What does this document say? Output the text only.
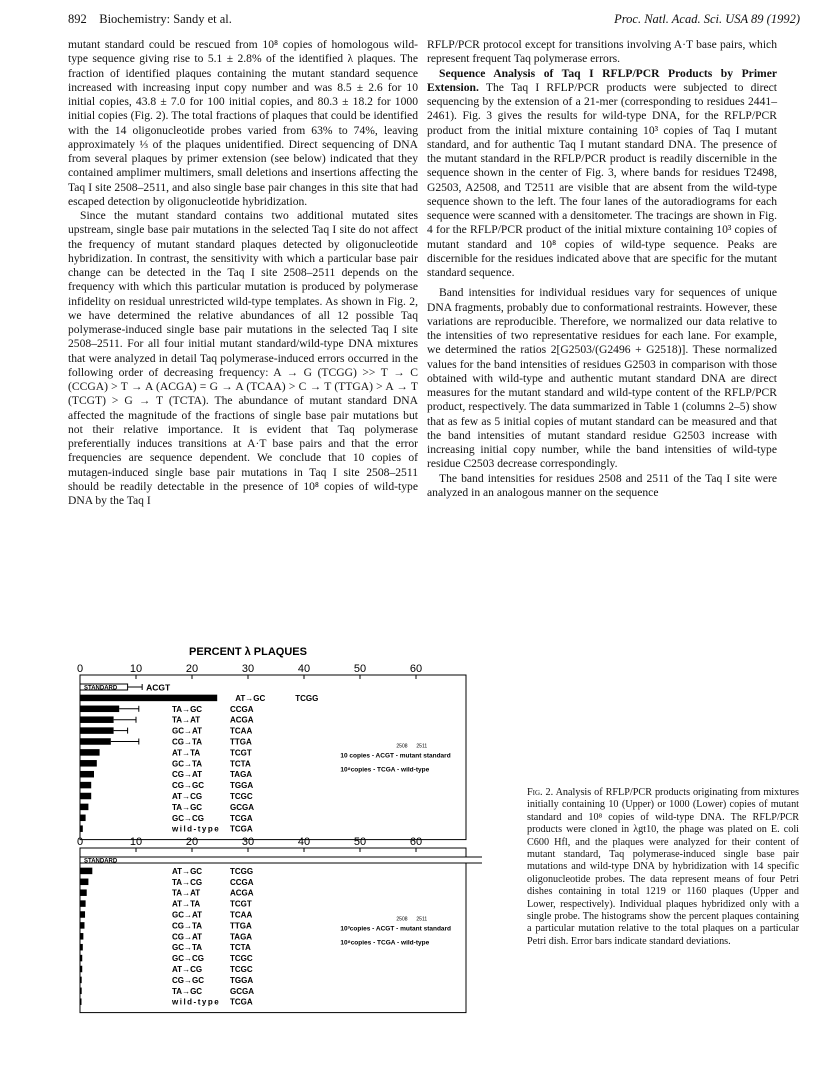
892 Biochemistry: Sandy et al.	Proc. Natl. Acad. Sci. USA 89 (1992)

mutant standard could be rescued from 10⁸ copies of homologous wild-type sequence giving rise to 5.1 ± 2.8% of the identified λ plaques. The fraction of identified plaques containing the mutant standard sequence increased with increasing input copy number and was 8.5 ± 2.6 for 10 initial copies, 43.8 ± 7.0 for 100 initial copies, and 80.3 ± 18.2 for 1000 initial copies (Fig. 2). The total fractions of plaques that could be identified with the 14 oligonucleotide probes varied from 63% to 74%, leaving approximately ⅓ of the plaques unidentified. Direct sequencing of DNA from several plaques by primer extension (see below) indicated that they contained amplimer multimers, small deletions and insertions affecting the Taq I site 2508–2511, and also single base pair changes in this site that had escaped detection by oligonucleotide hybridization.

Since the mutant standard contains two additional mutated sites upstream, single base pair mutations in the selected Taq I site do not affect the frequency of mutant standard plaques detected by oligonucleotide hybridization. In contrast, the sensitivity with which a particular base pair change can be detected in the Taq I site 2508–2511 depends on the frequency with which this particular mutation is produced by polymerase infidelity on residual unrestricted wild-type templates. As shown in Fig. 2, we have determined the relative abundances of all 12 possible Taq polymerase-induced single base pair mutations in the selected Taq I site 2508–2511. For all four initial mutant standard/wild-type DNA mixtures that were analyzed in detail Taq polymerase-induced errors occurred in the following order of decreasing frequency: A → G (TCGG) >> T → C (CCGA) > T → A (ACGA) = G → A (TCAA) > C → T (TTGA) > A → T (TCGT) > G → T (TCTA). The abundance of mutant standard DNA affected the magnitude of the fractions of single base pair mutations but not their relative importance. It is evident that Taq polymerase preferentially induces transitions at A·T base pairs and that the error frequencies are sequence dependent. We conclude that 10 copies of mutagen-induced single base pair mutations in Taq I site 2508–2511 should be readily detectable in the presence of 10⁸ copies of wild-type DNA by the Taq I

RFLP/PCR protocol except for transitions involving A·T base pairs, which represent frequent Taq polymerase errors.

Sequence Analysis of Taq I RFLP/PCR Products by Primer Extension. The Taq I RFLP/PCR products were subjected to direct sequencing by the extension of a 21-mer (corresponding to residues 2441–2461). Fig. 3 gives the results for wild-type DNA, for the RFLP/PCR product from the initial mixture containing 10³ copies of Taq I mutant standard, and for authentic Taq I mutant standard DNA. The presence of the mutant standard in the RFLP/PCR product is readily discernible in the sequence shown in the center of Fig. 3, where bands for residues T2498, G2503, A2508, and T2511 are visible that are absent from the wild-type sequence shown to the left. The four lanes of the autoradiograms for each sequence were scanned with a densitometer. The tracings are shown in Fig. 4 for the RFLP/PCR product of the initial mixture containing 10³ copies of mutant standard and 10⁸ copies of wild-type sequence. Peaks are discernible for the residues indicated above that are specific for the mutant standard sequence.

Band intensities for individual residues vary for sequences of unique DNA fragments, probably due to conformational restraints. However, these variations are reproducible. Therefore, we normalized our data relative to the intensities of two representative residues for each lane. For example, we determined the ratios 2[G2503/(G2496 + G2518)]. These normalized values for the band intensities of residues G2503 in comparison with those obtained with wild-type and authentic mutant standard DNA are direct measures for the mutant standard and wild-type content of the RFLP/PCR product, respectively. The data summarized in Table 1 (columns 2–5) show that as few as 5 initial copies of mutant standard can be measured and that the band intensities of mutant standard residue G2503 increase with increasing initial copy number, while the band intensities of wild-type residue C2503 decrease correspondingly.

The band intensities for residues 2508 and 2511 of the Taq I site were analyzed in an analogous manner on the sequence

PERCENT λ PLAQUES
0	10	20	30	40	50	60
STANDARD	ACGT
AT→GC	TCGG
TA→GC	CCGA
TA→AT	ACGA
GC→AT	TCAA
CG→TA	TTGA
AT→TA	TCGT
GC→TA	TCTA
CG→AT	TAGA
CG→GC	TGGA
AT→CG	TCGC
TA→GC	GCGA
GC→CG	TCGA
wild-type TCGA
2508 2511
10 copies - ACGT - mutant standard
10⁸copies - TCGA - wild-type
0	10	20	30	40	50	60
STANDARD
AT→GC	TCGG
TA→CG	CCGA
TA→AT	ACGA
AT→TA	TCGT
GC→AT	TCAA
CG→TA	TTGA
CG→AT	TAGA
GC→TA	TCTA
GC→CG	TCGC
AT→CG	TCGC
CG→GC	TGGA
TA→GC	GCGA
wild-type TCGA
2508 2511
10³copies - ACGT - mutant standard
10⁸copies - TCGA - wild-type
Fig. 2. Analysis of RFLP/PCR products originating from mixtures initially containing 10 (Upper) or 1000 (Lower) copies of mutant standard and 10⁸ copies of wild-type DNA. The RFLP/PCR products were cloned in λgt10, the phage was plated on E. coli C600 Hfl, and the plaques were analyzed for their content of mutant standard, Taq polymerase-induced single base pair mutations and wild-type DNA by hybridization with 14 specific oligonucleotide probes. The data represent means of four Petri dishes containing in total 1219 or 1160 plaques (Upper and Lower, respectively). Individual plaques hybridized only with a single probe. The histograms show the percent plaques containing a particular mutation relative to the total plaques on a particular Petri dish. Error bars indicate standard deviations.
